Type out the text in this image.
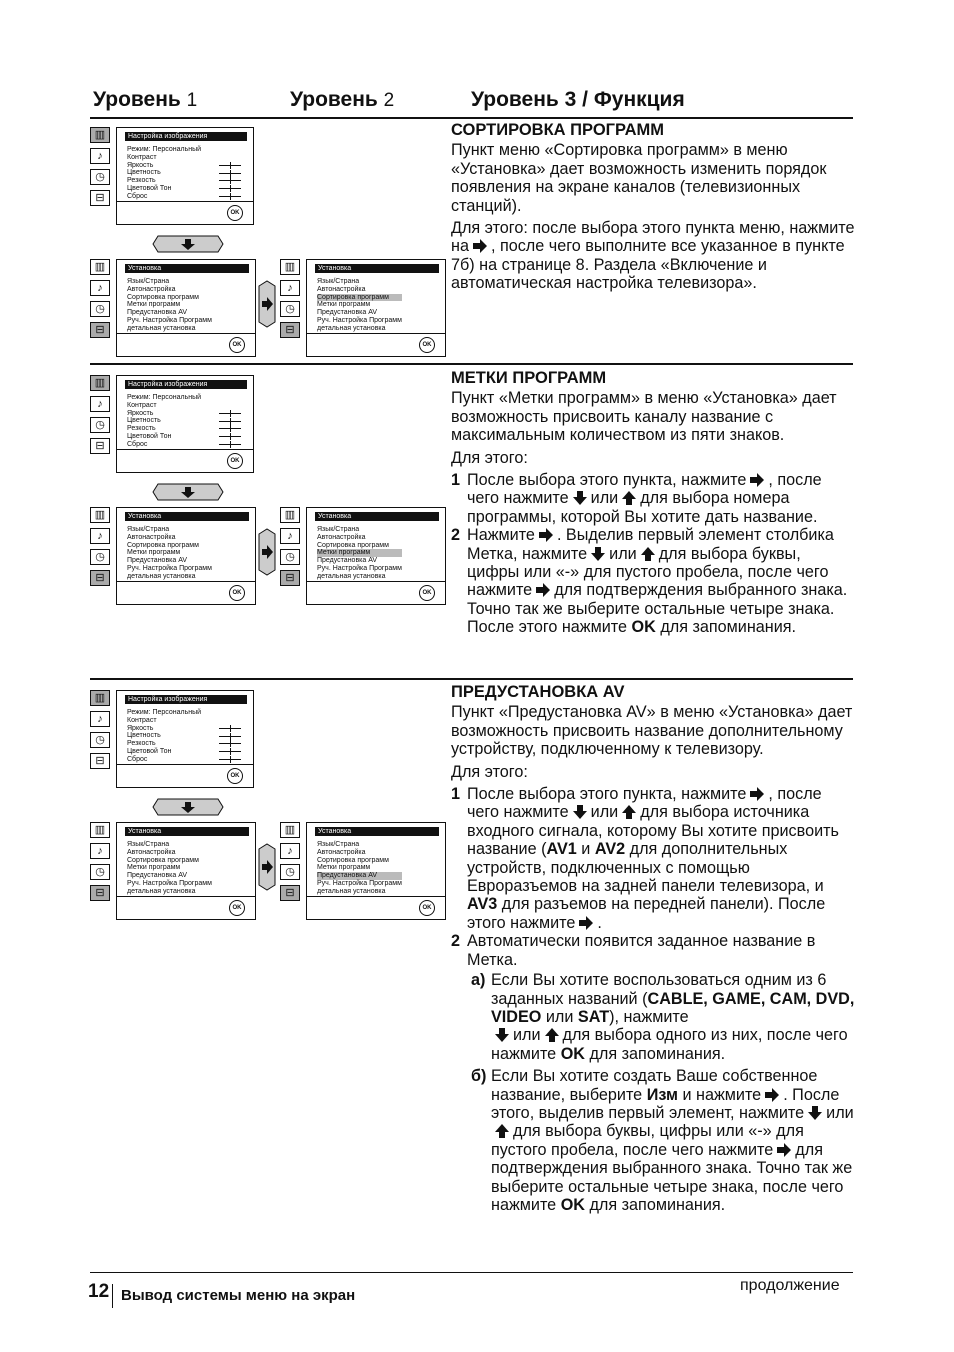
Уровень 1	Уровень 2	Уровень 3 / Функция
▥
♪
◷
⊟
Настройка изображения
Режим: Персональный
Контраст
Яркость
Цветность
Резкость
Цветовой Тон
Сброс
OK
▥
♪
◷
⊟
Установка
Язык/Страна
Автонастройка
Сортировка программ
Метки программ
Предустановка AV
Руч. Настройка Программ
детальная установка
OK
▥
♪
◷
⊟
Установка
Язык/Страна
Автонастройка
Сортировка программ
Метки программ
Предустановка AV
Руч. Настройка Программ
детальная установка
OK
▥
♪
◷
⊟
Настройка изображения
Режим: Персональный
Контраст
Яркость
Цветность
Резкость
Цветовой Тон
Сброс
OK
▥
♪
◷
⊟
Установка
Язык/Страна
Автонастройка
Сортировка программ
Метки программ
Предустановка AV
Руч. Настройка Программ
детальная установка
OK
▥
♪
◷
⊟
Установка
Язык/Страна
Автонастройка
Сортировка программ
Метки программ
Предустановка AV
Руч. Настройка Программ
детальная установка
OK
▥
♪
◷
⊟
Настройка изображения
Режим: Персональный
Контраст
Яркость
Цветность
Резкость
Цветовой Тон
Сброс
OK
▥
♪
◷
⊟
Установка
Язык/Страна
Автонастройка
Сортировка программ
Метки программ
Предустановка AV
Руч. Настройка Программ
детальная установка
OK
▥
♪
◷
⊟
Установка
Язык/Страна
Автонастройка
Сортировка программ
Метки программ
Предустановка AV
Руч. Настройка Программ
детальная установка
OK
СОРТИРОВКА ПРОГРАММ

Пункт меню «Сортировка программ» в меню «Установка» дает возможность изменить порядок появления на экране каналов (телевизионных станций).

Для этого: после выбора этого пункта меню, нажмите на , после чего выполните все указанное в пункте 7б) на странице 8. Раздела «Включение и автоматическая настройка телевизора».

МЕТКИ ПРОГРАММ

Пункт «Метки программ» в меню «Установка» дает возможность присвоить каналу название с максимальным количеством из пяти знаков.

Для этого:

1 После выбора этого пункта, нажмите , после чего нажмите или для выбора номера программы, которой Вы хотите дать название.
2 Нажмите . Выделив первый элемент столбика Метка, нажмите или для выбора буквы, цифры или «-» для пустого пробела, после чего нажмите для подтверждения выбранного знака. Точно так же выберите остальные четыре знака. После этого нажмите OK для запоминания.
ПРЕДУСТАНОВКА AV

Пункт «Предустановка AV» в меню «Установка» дает возможность присвоить название дополнительному устройству, подключенному к телевизору.

Для этого:

1 После выбора этого пункта, нажмите , после чего нажмите или для выбора источника входного сигнала, которому Вы хотите присвоить название (AV1 и AV2 для дополнительных устройств, подключенных с помощью Евроразъемов на задней панели телевизора, и AV3 для разъемов на передней панели). После этого нажмите .
2 Автоматически появится заданное название в Метка.
а) Если Вы хотите воспользоваться одним из 6 заданных названий (CABLE, GAME, CAM, DVD, VIDEO или SAT), нажмите
или для выбора одного из них, после чего нажмите OK для запоминания.
б) Если Вы хотите создать Ваше собственное название, выберите Изм и нажмите . После этого, выделив первый элемент, нажмите илидля выбора буквы, цифры или «-» для пустого пробела, после чего нажмите для подтверждения выбранного знака. Точно так же выберите остальные четыре знака, после чего нажмите OK для запоминания.
12 Вывод системы меню на экран
продолжение
